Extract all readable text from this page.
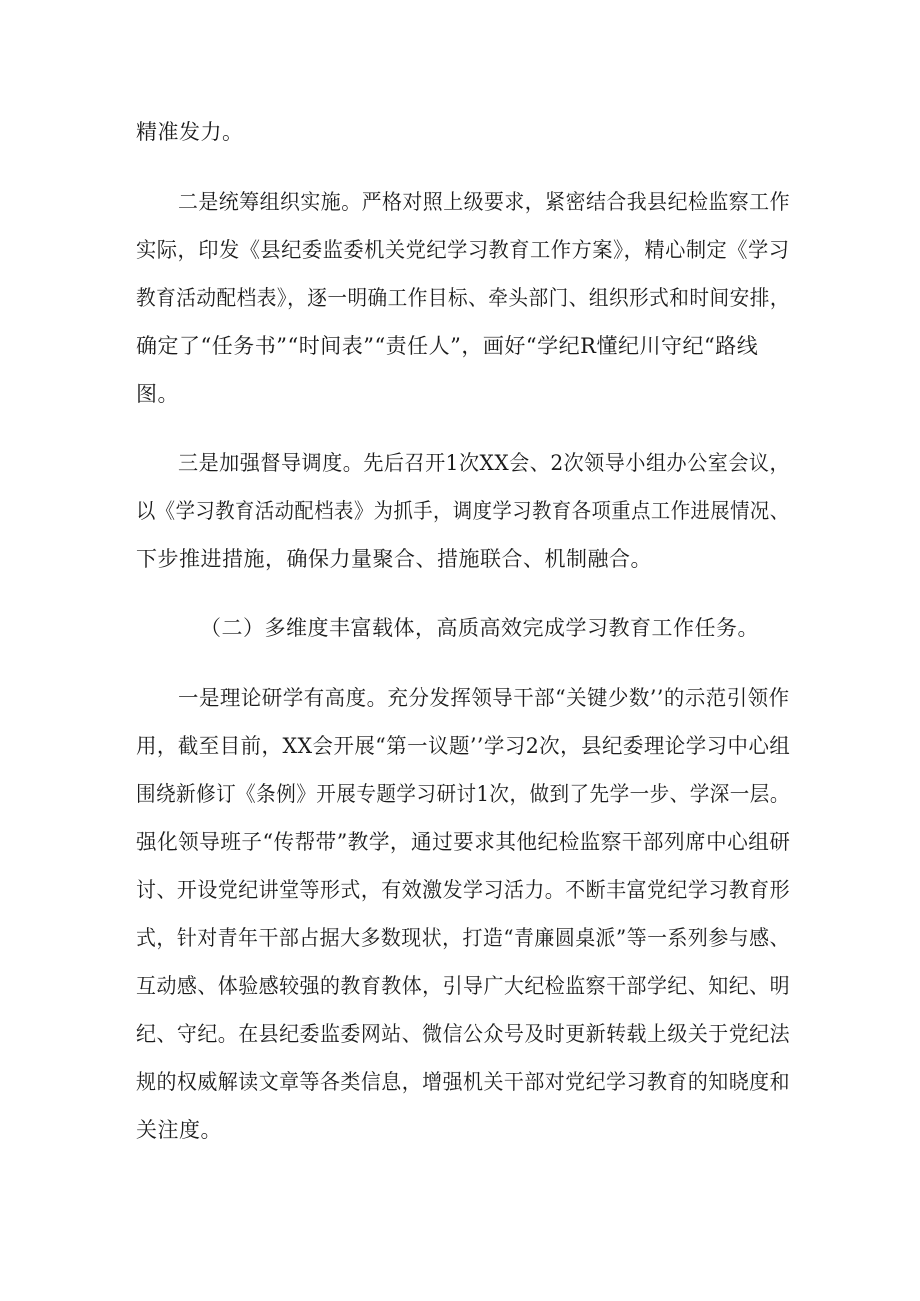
精准发力。
二是统筹组织实施。严格对照上级要求，紧密结合我县纪检监察工作
实际，印发《县纪委监委机关党纪学习教育工作方案》，精心制定《学习
教育活动配档表》，逐一明确工作目标、牵头部门、组织形式和时间安排，
确定了“任务书”“时间表”“责任人”，画好“学纪R懂纪川守纪“路线
图。
三是加强督导调度。先后召开1次XX会、2次领导小组办公室会议，
以《学习教育活动配档表》为抓手，调度学习教育各项重点工作进展情况、
下步推进措施，确保力量聚合、措施联合、机制融合。
（二）多维度丰富载体，高质高效完成学习教育工作任务。
一是理论研学有高度。充分发挥领导干部“关键少数’’的示范引领作
用，截至目前，XX会开展“第一议题’’学习2次，县纪委理论学习中心组
围绕新修订《条例》开展专题学习研讨1次，做到了先学一步、学深一层。
强化领导班子“传帮带”教学，通过要求其他纪检监察干部列席中心组研
讨、开设党纪讲堂等形式，有效激发学习活力。不断丰富党纪学习教育形
式，针对青年干部占据大多数现状，打造“青廉圆桌派”等一系列参与感、
互动感、体验感较强的教育教体，引导广大纪检监察干部学纪、知纪、明
纪、守纪。在县纪委监委网站、微信公众号及时更新转载上级关于党纪法
规的权威解读文章等各类信息，增强机关干部对党纪学习教育的知晓度和
关注度。
